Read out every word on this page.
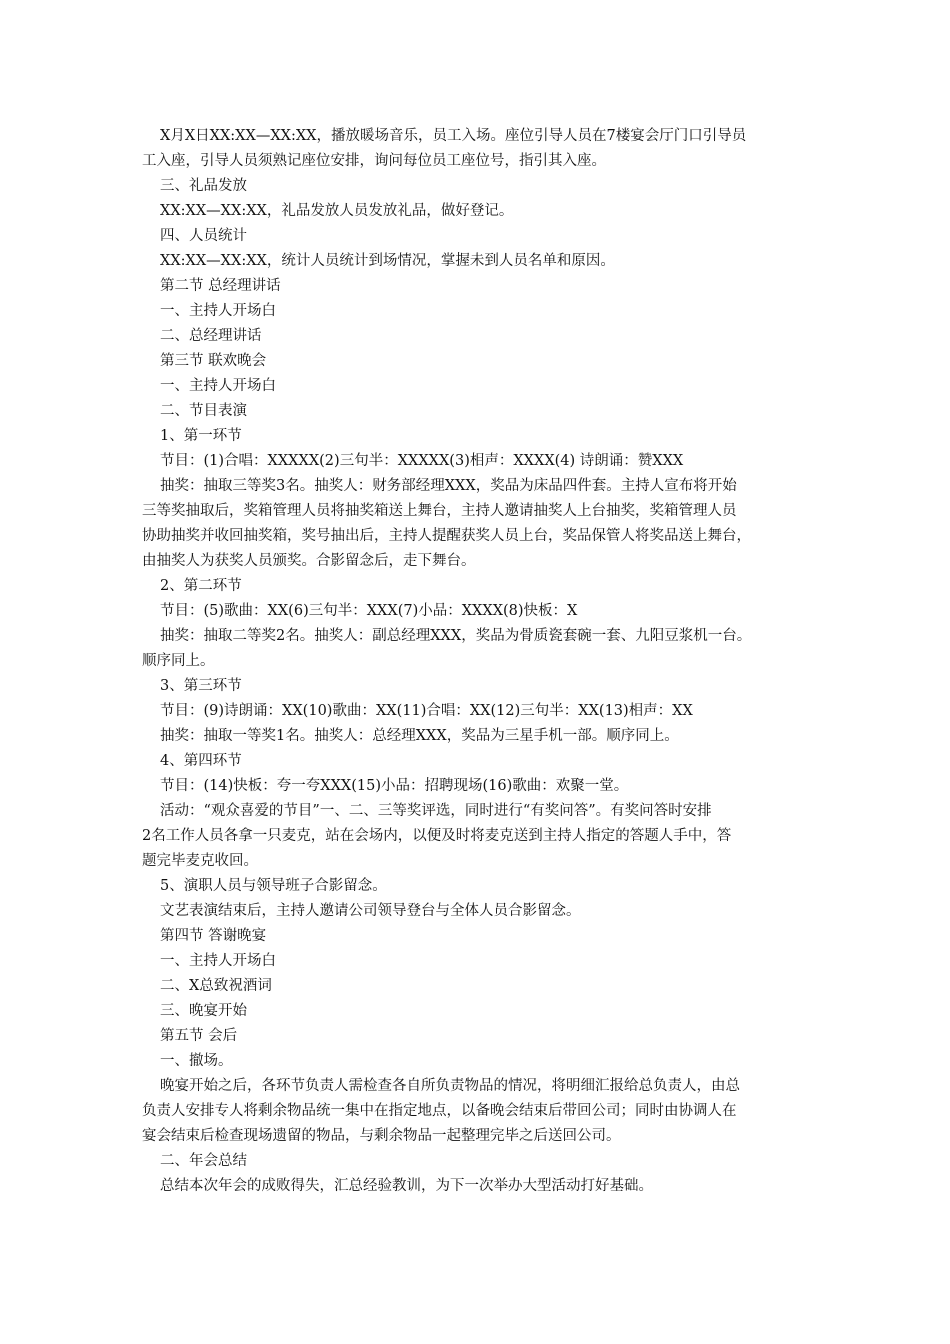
X月X日XX:XX—XX:XX，播放暖场音乐，员工入场。座位引导人员在7楼宴会厅门口引导员

工入座，引导人员须熟记座位安排，询问每位员工座位号，指引其入座。

三、礼品发放

XX:XX—XX:XX，礼品发放人员发放礼品，做好登记。

四、人员统计

XX:XX—XX:XX，统计人员统计到场情况，掌握未到人员名单和原因。

第二节 总经理讲话

一、主持人开场白

二、总经理讲话

第三节 联欢晚会

一、主持人开场白

二、节目表演

1、第一环节

节目：(1)合唱：XXXXX(2)三句半：XXXXX(3)相声：XXXX(4) 诗朗诵：赞XXX

抽奖：抽取三等奖3名。抽奖人：财务部经理XXX，奖品为床品四件套。主持人宣布将开始

三等奖抽取后，奖箱管理人员将抽奖箱送上舞台，主持人邀请抽奖人上台抽奖，奖箱管理人员

协助抽奖并收回抽奖箱，奖号抽出后，主持人提醒获奖人员上台，奖品保管人将奖品送上舞台，

由抽奖人为获奖人员颁奖。合影留念后，走下舞台。

2、第二环节

节目：(5)歌曲：XX(6)三句半：XXX(7)小品：XXXX(8)快板：X

抽奖：抽取二等奖2名。抽奖人：副总经理XXX，奖品为骨质瓷套碗一套、九阳豆浆机一台。

顺序同上。

3、第三环节

节目：(9)诗朗诵：XX(10)歌曲：XX(11)合唱：XX(12)三句半：XX(13)相声：XX

抽奖：抽取一等奖1名。抽奖人：总经理XXX，奖品为三星手机一部。顺序同上。

4、第四环节

节目：(14)快板：夸一夸XXX(15)小品：招聘现场(16)歌曲：欢聚一堂。

活动：“观众喜爱的节目”一、二、三等奖评选，同时进行“有奖问答”。有奖问答时安排

2名工作人员各拿一只麦克，站在会场内，以便及时将麦克送到主持人指定的答题人手中，答

题完毕麦克收回。

5、演职人员与领导班子合影留念。

文艺表演结束后，主持人邀请公司领导登台与全体人员合影留念。

第四节 答谢晚宴

一、主持人开场白

二、X总致祝酒词

三、晚宴开始

第五节 会后

一、撤场。

晚宴开始之后，各环节负责人需检查各自所负责物品的情况，将明细汇报给总负责人，由总

负责人安排专人将剩余物品统一集中在指定地点，以备晚会结束后带回公司；同时由协调人在

宴会结束后检查现场遗留的物品，与剩余物品一起整理完毕之后送回公司。

二、年会总结

总结本次年会的成败得失，汇总经验教训，为下一次举办大型活动打好基础。
